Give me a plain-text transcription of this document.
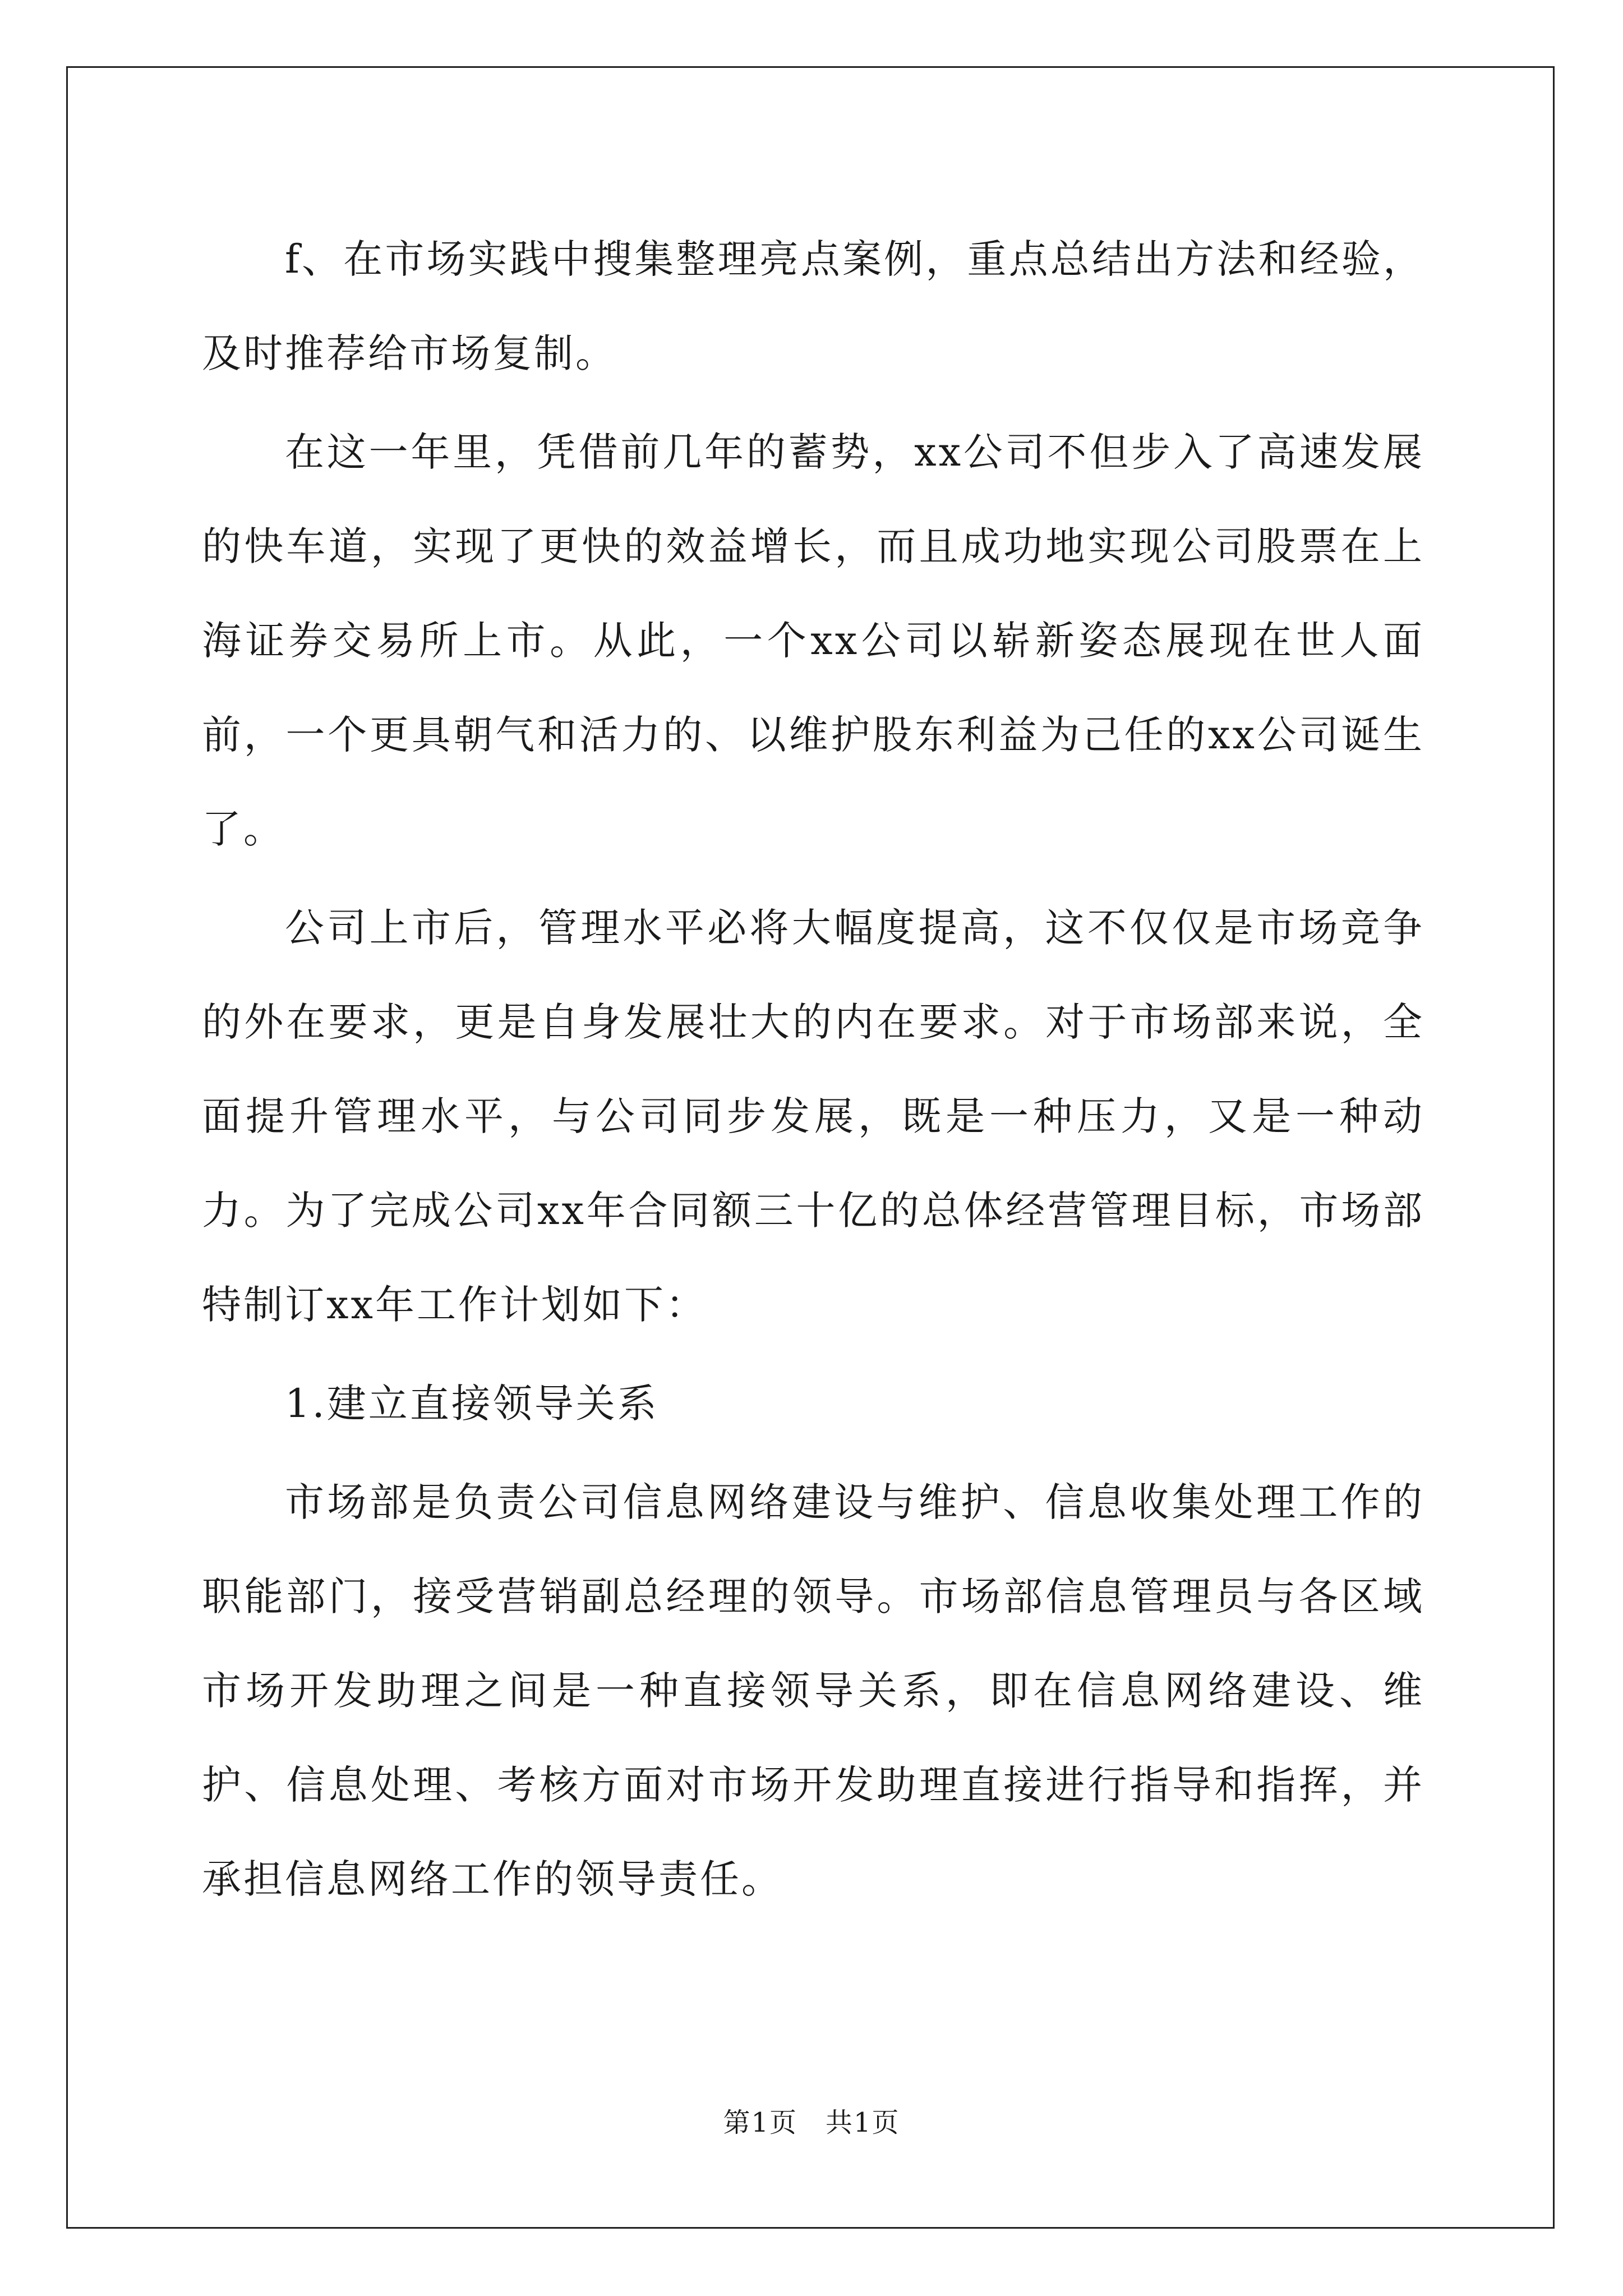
f、在市场实践中搜集整理亮点案例，重点总结出方法和经验，及时推荐给市场复制。

在这一年里，凭借前几年的蓄势，xx公司不但步入了高速发展的快车道，实现了更快的效益增长，而且成功地实现公司股票在上海证券交易所上市。从此，一个xx公司以崭新姿态展现在世人面前，一个更具朝气和活力的、以维护股东利益为己任的xx公司诞生了。

公司上市后，管理水平必将大幅度提高，这不仅仅是市场竞争的外在要求，更是自身发展壮大的内在要求。对于市场部来说，全面提升管理水平，与公司同步发展，既是一种压力，又是一种动力。为了完成公司xx年合同额三十亿的总体经营管理目标，市场部特制订xx年工作计划如下：

1.建立直接领导关系

市场部是负责公司信息网络建设与维护、信息收集处理工作的职能部门，接受营销副总经理的领导。市场部信息管理员与各区域市场开发助理之间是一种直接领导关系，即在信息网络建设、维护、信息处理、考核方面对市场开发助理直接进行指导和指挥，并承担信息网络工作的领导责任。

第1页　共1页
